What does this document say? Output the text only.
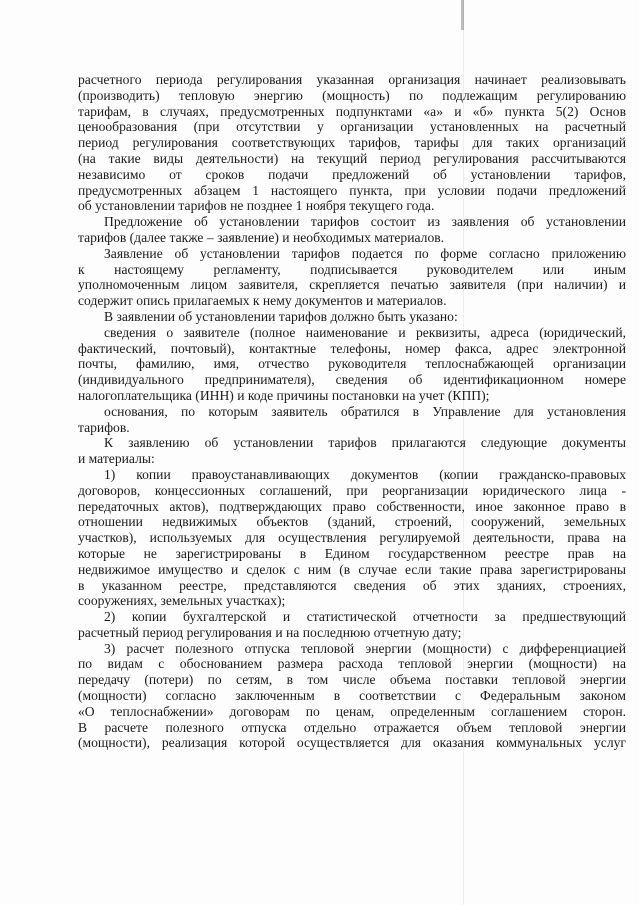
расчетного периода регулирования указанная организация начинает реализовывать
(производить) тепловую энергию (мощность) по подлежащим регулированию
тарифам, в случаях, предусмотренных подпунктами «а» и «б» пункта 5(2) Основ
ценообразования (при отсутствии у организации установленных на расчетный
период регулирования соответствующих тарифов, тарифы для таких организаций
(на такие виды деятельности) на текущий период регулирования рассчитываются
независимо от сроков подачи предложений об установлении тарифов,
предусмотренных абзацем 1 настоящего пункта, при условии подачи предложений
об установлении тарифов не позднее 1 ноября текущего года.
Предложение об установлении тарифов состоит из заявления об установлении
тарифов (далее также – заявление) и необходимых материалов.
Заявление об установлении тарифов подается по форме согласно приложению
к настоящему регламенту, подписывается руководителем или иным
уполномоченным лицом заявителя, скрепляется печатью заявителя (при наличии) и
содержит опись прилагаемых к нему документов и материалов.
В заявлении об установлении тарифов должно быть указано:
сведения о заявителе (полное наименование и реквизиты, адреса (юридический,
фактический, почтовый), контактные телефоны, номер факса, адрес электронной
почты, фамилию, имя, отчество руководителя теплоснабжающей организации
(индивидуального предпринимателя), сведения об идентификационном номере
налогоплательщика (ИНН) и коде причины постановки на учет (КПП);
основания, по которым заявитель обратился в Управление для установления
тарифов.
К заявлению об установлении тарифов прилагаются следующие документы
и материалы:
1) копии правоустанавливающих документов (копии гражданско-правовых
договоров, концессионных соглашений, при реорганизации юридического лица -
передаточных актов), подтверждающих право собственности, иное законное право в
отношении недвижимых объектов (зданий, строений, сооружений, земельных
участков), используемых для осуществления регулируемой деятельности, права на
которые не зарегистрированы в Едином государственном реестре прав на
недвижимое имущество и сделок с ним (в случае если такие права зарегистрированы
в указанном реестре, представляются сведения об этих зданиях, строениях,
сооружениях, земельных участках);
2) копии бухгалтерской и статистической отчетности за предшествующий
расчетный период регулирования и на последнюю отчетную дату;
3) расчет полезного отпуска тепловой энергии (мощности) с дифференциацией
по видам с обоснованием размера расхода тепловой энергии (мощности) на
передачу (потери) по сетям, в том числе объема поставки тепловой энергии
(мощности) согласно заключенным в соответствии с Федеральным законом
«О теплоснабжении» договорам по ценам, определенным соглашением сторон.
В расчете полезного отпуска отдельно отражается объем тепловой энергии
(мощности), реализация которой осуществляется для оказания коммунальных услуг
